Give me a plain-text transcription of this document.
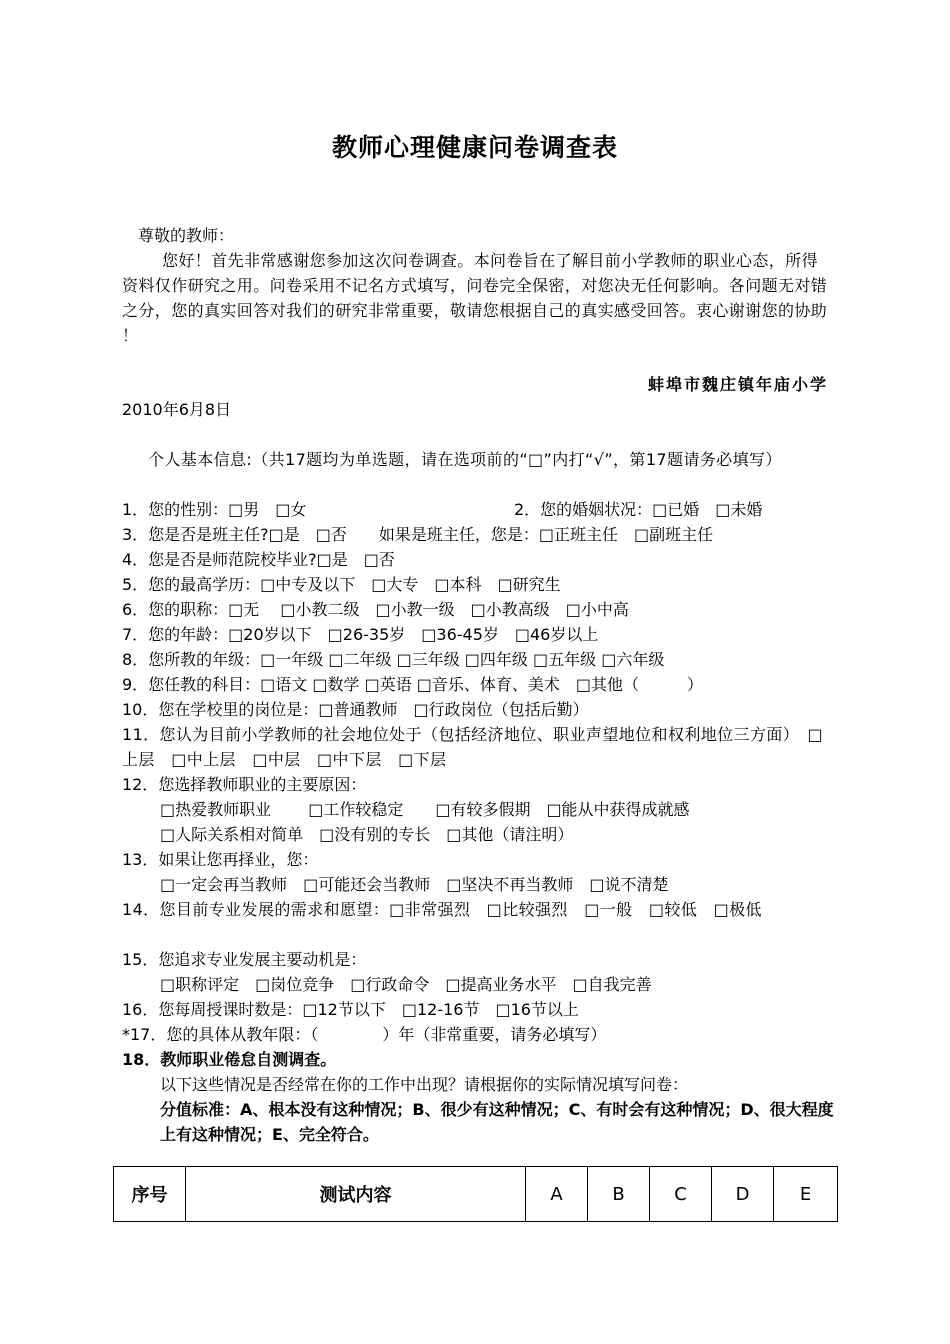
教师心理健康问卷调查表
尊敬的教师：
您好！首先非常感谢您参加这次问卷调查。本问卷旨在了解目前小学教师的职业心态，所得资料仅作研究之用。问卷采用不记名方式填写，问卷完全保密，对您决无任何影响。各问题无对错之分，您的真实回答对我们的研究非常重要，敬请您根据自己的真实感受回答。衷心谢谢您的协助 ！
蚌埠市魏庄镇年庙小学
2010年6月8日
个人基本信息:（共17题均为单选题，请在选项前的“□”内打“√”，第17题请务必填写）
1．您的性别：□男　□女	2．您的婚姻状况：□已婚　□未婚
3．您是否是班主任?□是　□否　　如果是班主任，您是：□正班主任　□副班主任
4．您是否是师范院校毕业?□是　□否
5．您的最高学历：□中专及以下　□大专　□本科　□研究生
6．您的职称：□无　 □小教二级　□小教一级　□小教高级　□小中高
7．您的年龄：□20岁以下　□26-35岁　□36-45岁　□46岁以上
8．您所教的年级：□一年级 □二年级 □三年级 □四年级 □五年级 □六年级
9．您任教的科目：□语文 □数学 □英语 □音乐、体育、美术　□其他（　　　）
10．您在学校里的岗位是：□普通教师　□行政岗位（包括后勤）
11．您认为目前小学教师的社会地位处于（包括经济地位、职业声望地位和权利地位三方面）　□上层　□中上层　□中层　□中下层　□下层
12．您选择教师职业的主要原因：
□热爱教师职业　　 □工作较稳定　　□有较多假期　□能从中获得成就感
□人际关系相对简单　□没有别的专长　□其他（请注明）
13．如果让您再择业，您：
□一定会再当教师　□可能还会当教师　□坚决不再当教师　□说不清楚
14．您目前专业发展的需求和愿望：□非常强烈　□比较强烈　□一般　□较低　□极低
15．您追求专业发展主要动机是：
□职称评定　□岗位竞争　□行政命令　□提高业务水平　□自我完善
16．您每周授课时数是：□12节以下　□12-16节　□16节以上
*17．您的具体从教年限：（　　　　）年（非常重要，请务必填写）
18．教师职业倦怠自测调查。
以下这些情况是否经常在你的工作中出现？请根据你的实际情况填写问卷：
分值标准：A、根本没有这种情况；B、很少有这种情况；C、有时会有这种情况；D、很大程度上有这种情况；E、完全符合。
序号	测试内容	A	B	C	D	E
